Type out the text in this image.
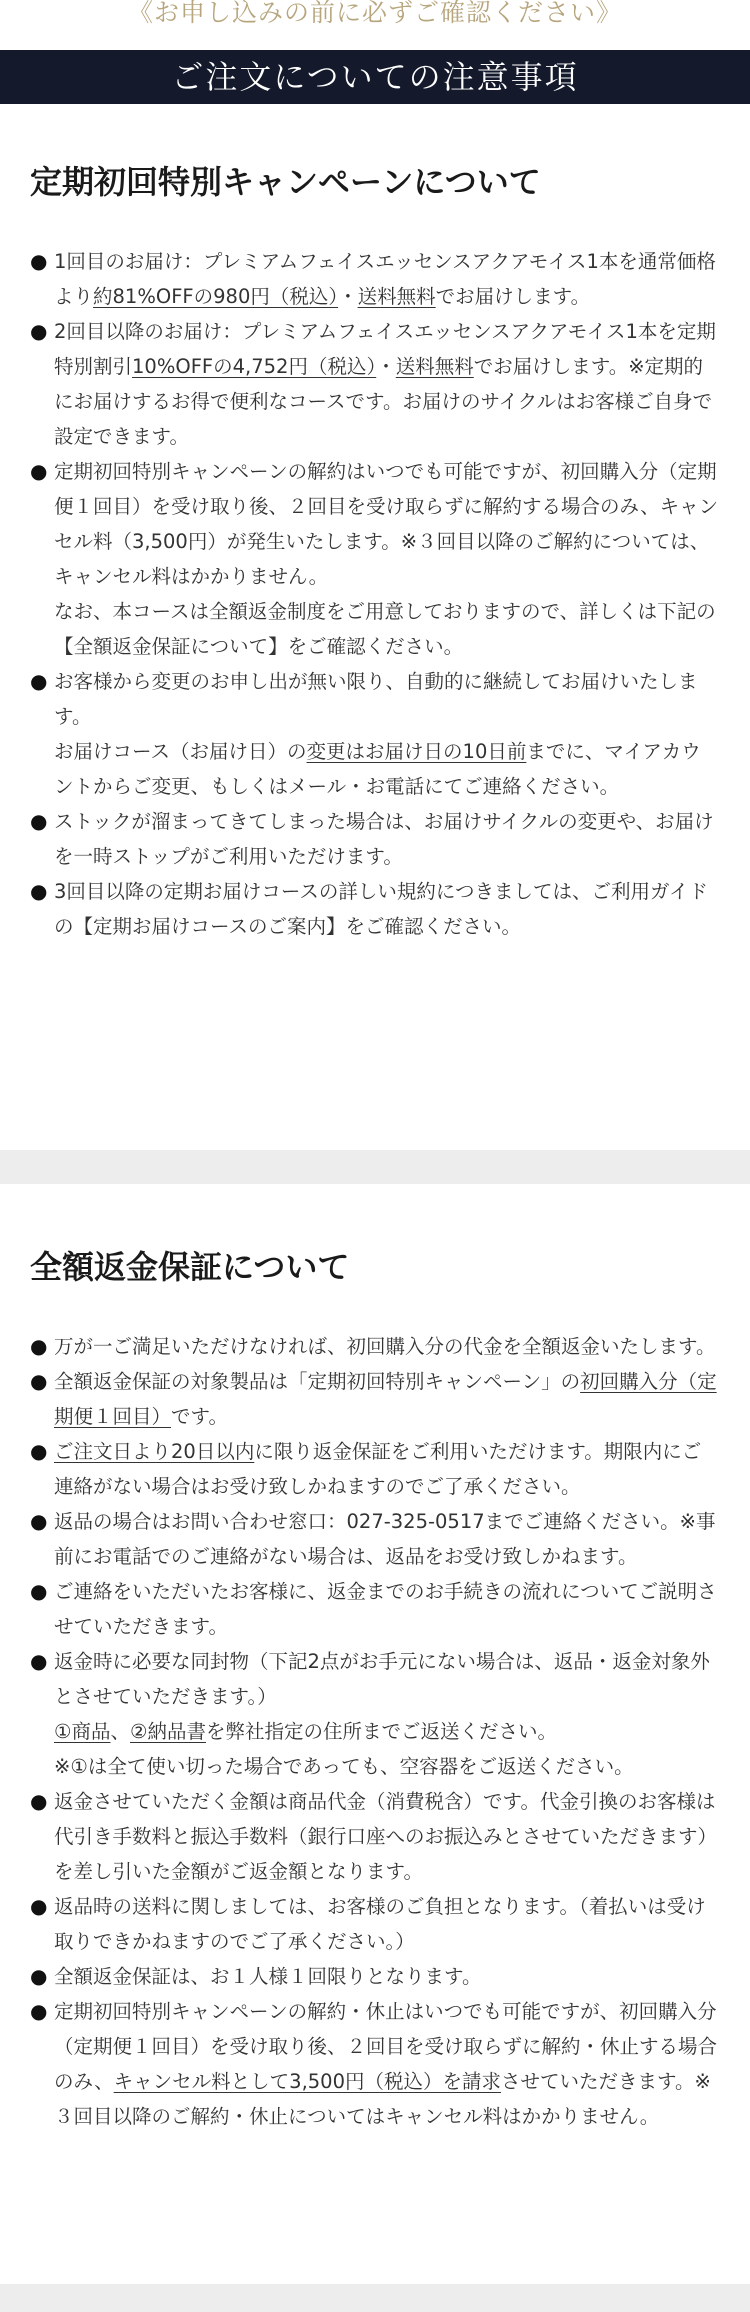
《お申し込みの前に必ずご確認ください》
ご注文についての注意事項
定期初回特別キャンペーンについて
● 1回目のお届け：プレミアムフェイスエッセンスアクアモイス1本を通常価格より約81%OFFの980円（税込）・送料無料でお届けします。
● 2回目以降のお届け：プレミアムフェイスエッセンスアクアモイス1本を定期特別割引10%OFFの4,752円（税込）・送料無料でお届けします。※定期的にお届けするお得で便利なコースです。お届けのサイクルはお客様ご自身で設定できます。
● 定期初回特別キャンペーンの解約はいつでも可能ですが、初回購入分（定期便１回目）を受け取り後、２回目を受け取らずに解約する場合のみ、キャンセル料（3,500円）が発生いたします。※３回目以降のご解約については、キャンセル料はかかりません。
なお、本コースは全額返金制度をご用意しておりますので、詳しくは下記の【全額返金保証について】をご確認ください。
● お客様から変更のお申し出が無い限り、自動的に継続してお届けいたします。
お届けコース（お届け日）の変更はお届け日の10日前までに、マイアカウントからご変更、もしくはメール・お電話にてご連絡ください。
● ストックが溜まってきてしまった場合は、お届けサイクルの変更や、お届けを一時ストップがご利用いただけます。
● 3回目以降の定期お届けコースの詳しい規約につきましては、ご利用ガイドの【定期お届けコースのご案内】をご確認ください。
全額返金保証について
● 万が一ご満足いただけなければ、初回購入分の代金を全額返金いたします。
● 全額返金保証の対象製品は「定期初回特別キャンペーン」の初回購入分（定期便１回目）です。
● ご注文日より20日以内に限り返金保証をご利用いただけます。期限内にご連絡がない場合はお受け致しかねますのでご了承ください。
● 返品の場合はお問い合わせ窓口：027-325-0517までご連絡ください。※事前にお電話でのご連絡がない場合は、返品をお受け致しかねます。
● ご連絡をいただいたお客様に、返金までのお手続きの流れについてご説明させていただきます。
● 返金時に必要な同封物（下記2点がお手元にない場合は、返品・返金対象外とさせていただきます。）
①商品、②納品書を弊社指定の住所までご返送ください。
※①は全て使い切った場合であっても、空容器をご返送ください。
● 返金させていただく金額は商品代金（消費税含）です。代金引換のお客様は代引き手数料と振込手数料（銀行口座へのお振込みとさせていただきます）を差し引いた金額がご返金額となります。
● 返品時の送料に関しましては、お客様のご負担となります。（着払いは受け取りできかねますのでご了承ください。）
● 全額返金保証は、お１人様１回限りとなります。
● 定期初回特別キャンペーンの解約・休止はいつでも可能ですが、初回購入分（定期便１回目）を受け取り後、２回目を受け取らずに解約・休止する場合のみ、キャンセル料として3,500円（税込）を請求させていただきます。※３回目以降のご解約・休止についてはキャンセル料はかかりません。
